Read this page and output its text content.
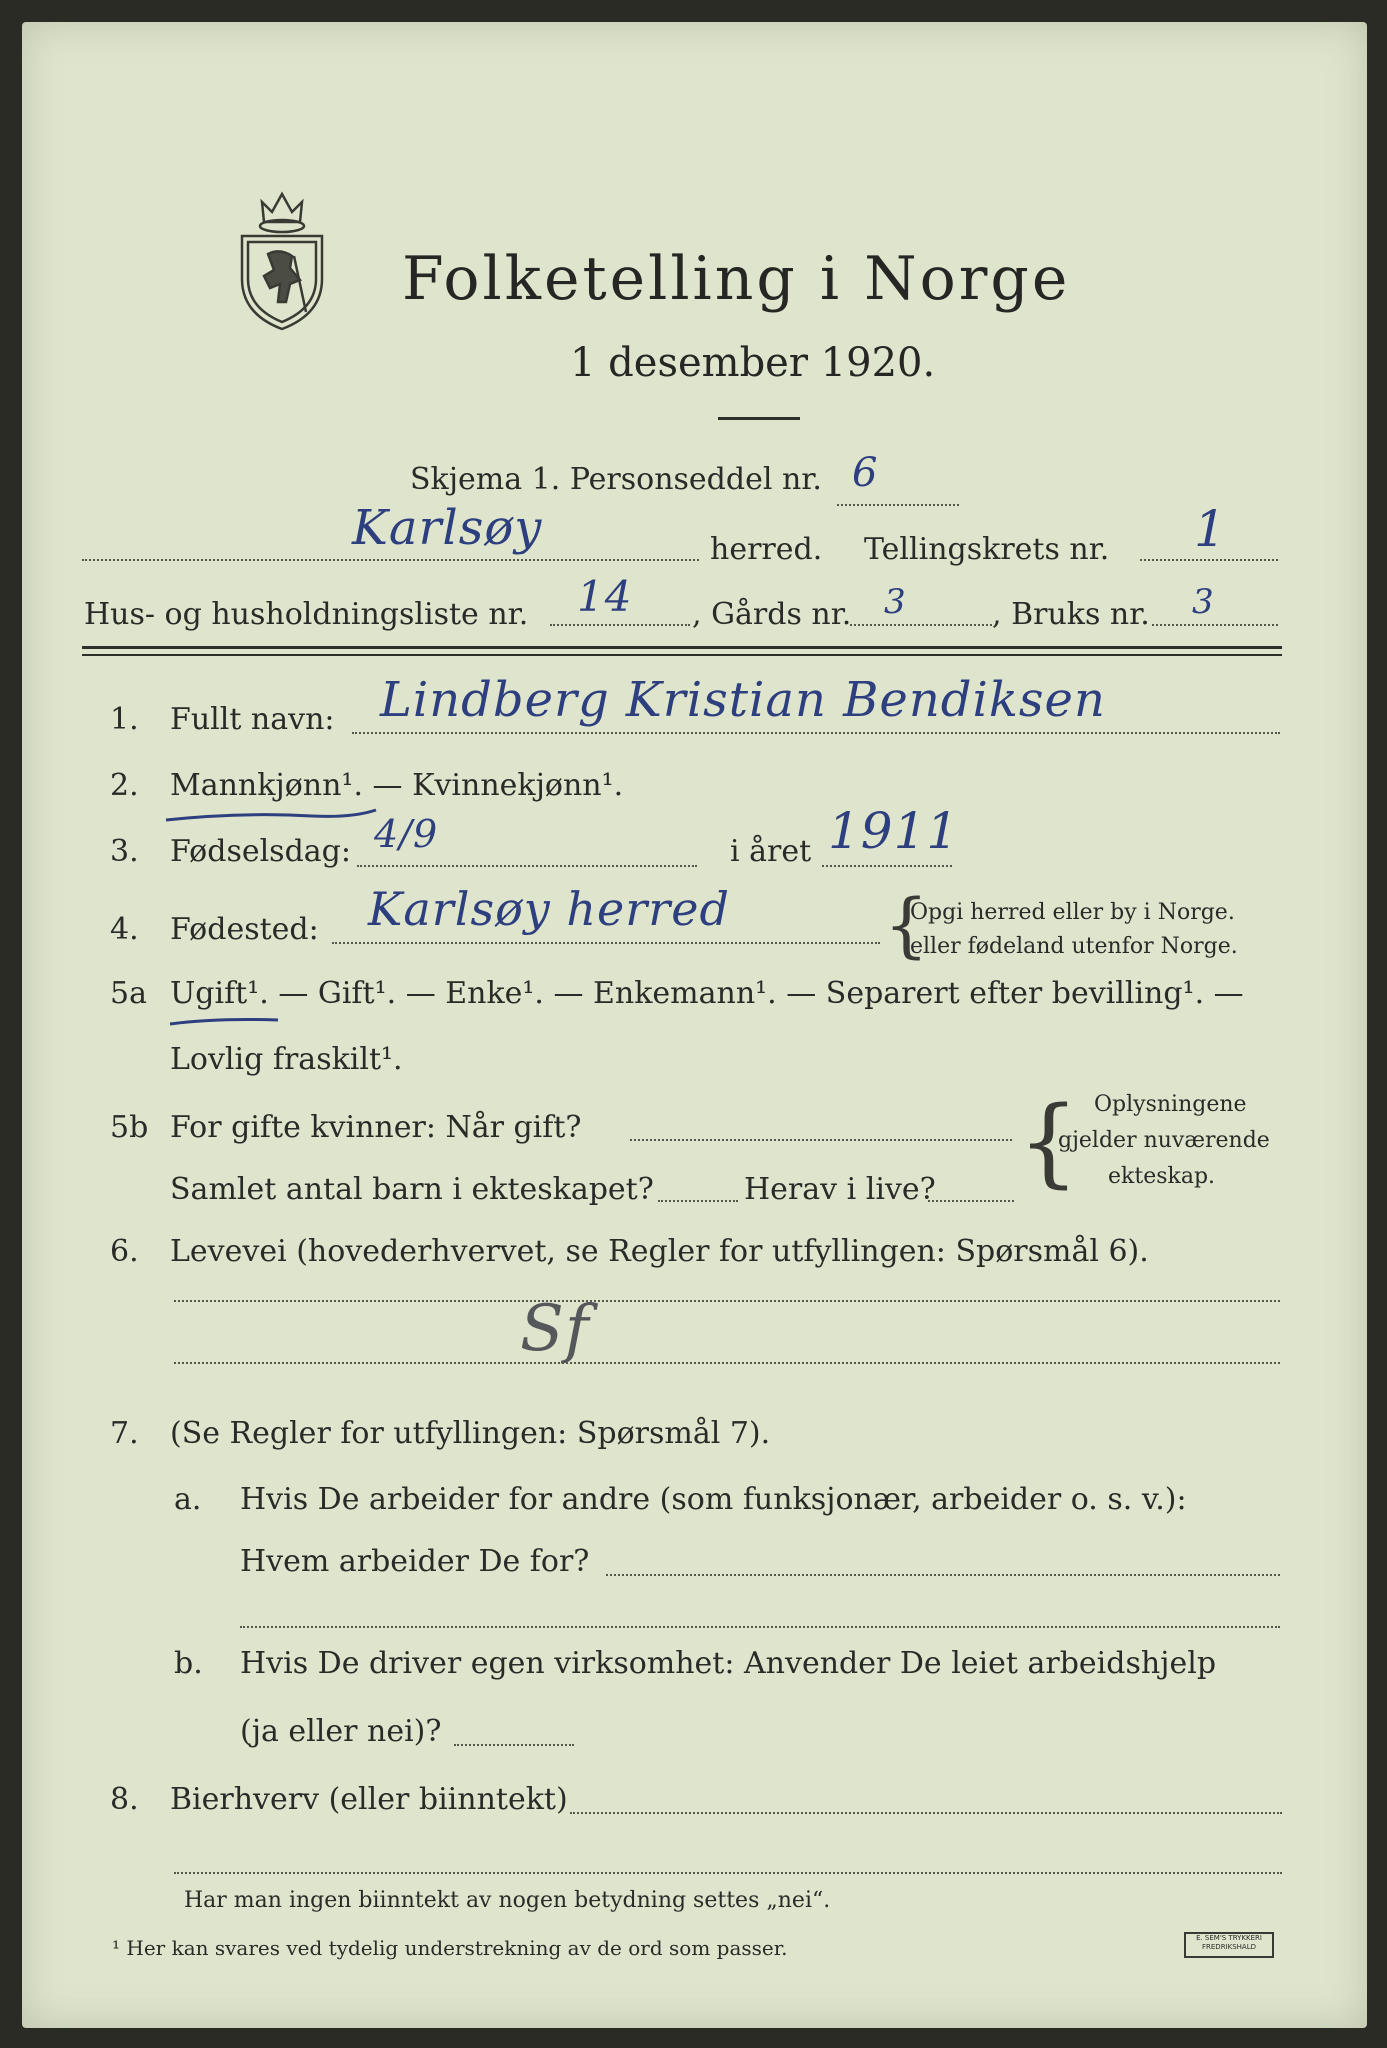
Folketelling i Norge
1 desember 1920.
Skjema 1. Personseddel nr. 6
Karlsøy	herred. Tellingskrets nr. 1
Hus- og husholdningsliste nr. 14 , Gårds nr. 3	, Bruks nr. 3
1. Fullt navn: Lindberg Kristian Bendiksen
2. Mannkjønn¹. — Kvinnekjønn¹.
3. Fødselsdag: 4/9	i året 1911
4. Fødested: Karlsøy herred {
Opgi herred eller by i Norge.
eller fødeland utenfor Norge.
5a Ugift¹. — Gift¹. — Enke¹. — Enkemann¹. — Separert efter bevilling¹. —
Lovlig fraskilt¹.
5b For gifte kvinner: Når gift?
Samlet antal barn i ekteskapet?	Herav i live? { Oplysningene
gjelder nuværende
ekteskap.
6. Levevei (hovederhvervet, se Regler for utfyllingen: Spørsmål 6).
Sf
7. (Se Regler for utfyllingen: Spørsmål 7).
a. Hvis De arbeider for andre (som funksjonær, arbeider o. s. v.):
Hvem arbeider De for?
b. Hvis De driver egen virksomhet: Anvender De leiet arbeidshjelp
(ja eller nei)?
8. Bierhverv (eller biinntekt)
Har man ingen biinntekt av nogen betydning settes „nei“.
¹ Her kan svares ved tydelig understrekning av de ord som passer.	E. SEM'S TRYKKERI FREDRIKSHALD
